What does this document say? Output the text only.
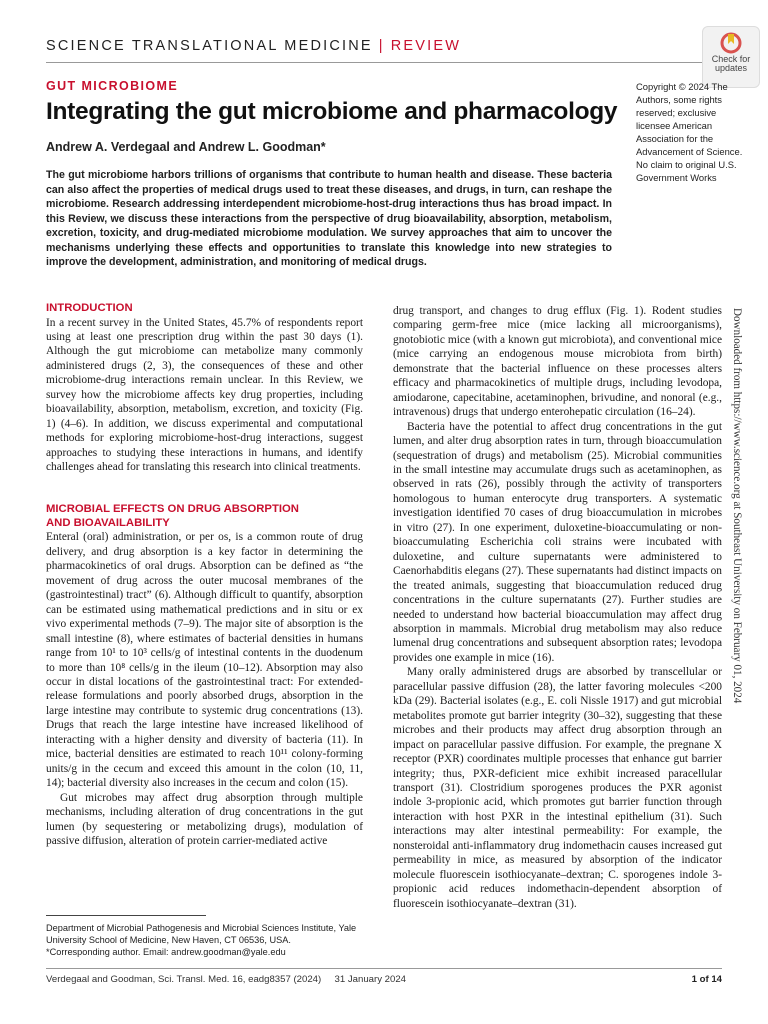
SCIENCE TRANSLATIONAL MEDICINE | REVIEW
Check for
updates
GUT MICROBIOME
Integrating the gut microbiome and pharmacology
Andrew A. Verdegaal and Andrew L. Goodman*
Copyright © 2024 The Authors, some rights reserved; exclusive licensee American Association for the Advancement of Science. No claim to original U.S. Government Works

The gut microbiome harbors trillions of organisms that contribute to human health and disease. These bacteria can also affect the properties of medical drugs used to treat these diseases, and drugs, in turn, can reshape the microbiome. Research addressing interdependent microbiome-host-drug interactions thus has broad impact. In this Review, we discuss these interactions from the perspective of drug bioavailability, absorption, metabolism, excretion, toxicity, and drug-mediated microbiome modulation. We survey approaches that aim to uncover the mechanisms underlying these effects and opportunities to translate this knowledge into new strategies to improve the development, administration, and monitoring of medical drugs.

INTRODUCTION

In a recent survey in the United States, 45.7% of respondents report using at least one prescription drug within the past 30 days (1). Although the gut microbiome can metabolize many commonly administered drugs (2, 3), the consequences of these and other microbiome-drug interactions remain unclear. In this Review, we survey how the microbiome affects key drug properties, including bioavailability, absorption, metabolism, excretion, and toxicity (Fig. 1) (4–6). In addition, we discuss experimental and computational methods for exploring microbiome-host-drug interactions, suggest approaches to studying these interactions in humans, and identify challenges ahead for translating this research into clinical treatments.

MICROBIAL EFFECTS ON DRUG ABSORPTION
AND BIOAVAILABILITY

Enteral (oral) administration, or per os, is a common route of drug delivery, and drug absorption is a key factor in determining the pharmacokinetics of oral drugs. Absorption can be defined as “the movement of drug across the outer mucosal membranes of the (gastrointestinal) tract” (6). Although difficult to quantify, absorption can be estimated using mathematical predictions and in situ or ex vivo experimental methods (7–9). The major site of absorption is the small intestine (8), where estimates of bacterial densities in humans range from 10¹ to 10³ cells/g of intestinal contents in the duodenum to more than 10⁸ cells/g in the ileum (10–12). Absorption may also occur in distal locations of the gastrointestinal tract: For extended-release formulations and poorly absorbed drugs, absorption in the large intestine may contribute to systemic drug concentrations (13). Drugs that reach the large intestine have increased likelihood of interacting with a higher density and diversity of bacteria (11). In mice, bacterial densities are estimated to reach 10¹¹ colony-forming units/g in the cecum and exceed this amount in the colon (10, 11, 14); bacterial diversity also increases in the cecum and colon (15).

Gut microbes may affect drug absorption through multiple mechanisms, including alteration of drug concentrations in the gut lumen (by sequestering or metabolizing drugs), modulation of passive diffusion, alteration of protein carrier-mediated active

drug transport, and changes to drug efflux (Fig. 1). Rodent studies comparing germ-free mice (mice lacking all microorganisms), gnotobiotic mice (with a known gut microbiota), and conventional mice (mice carrying an endogenous mouse microbiota from birth) demonstrate that the bacterial influence on these processes alters efficacy and pharmacokinetics of multiple drugs, including levodopa, amiodarone, capecitabine, acetaminophen, brivudine, and nonoral (e.g., intravenous) drugs that undergo enterohepatic circulation (16–24).

Bacteria have the potential to affect drug concentrations in the gut lumen, and alter drug absorption rates in turn, through bioaccumulation (sequestration of drugs) and metabolism (25). Microbial communities in the small intestine may accumulate drugs such as acetaminophen, as observed in rats (26), possibly through the activity of transporters homologous to human enterocyte drug transporters. A systematic investigation identified 70 cases of drug bioaccumulation in microbes in vitro (27). In one experiment, duloxetine-bioaccumulating or non-bioaccumulating Escherichia coli strains were incubated with duloxetine, and culture supernatants were administered to Caenorhabditis elegans (27). These supernatants had distinct impacts on the treated animals, suggesting that bioaccumulation reduced drug concentrations in the culture supernatants (27). Further studies are needed to understand how bacterial bioaccumulation may affect drug absorption in mammals. Microbial drug metabolism may also reduce lumenal drug concentrations and subsequent absorption rates; levodopa provides one example in mice (16).

Many orally administered drugs are absorbed by transcellular or paracellular passive diffusion (28), the latter favoring molecules <200 kDa (29). Bacterial isolates (e.g., E. coli Nissle 1917) and gut microbial metabolites promote gut barrier integrity (30–32), suggesting that these microbes and their products may affect drug absorption through an impact on paracellular passive diffusion. For example, the pregnane X receptor (PXR) coordinates multiple processes that enhance gut barrier integrity; thus, PXR-deficient mice exhibit increased paracellular transport (31). Clostridium sporogenes produces the PXR agonist indole 3-propionic acid, which promotes gut barrier function through interaction with host PXR in the intestinal epithelium (31). Such interactions may alter intestinal permeability: For example, the nonsteroidal anti-inflammatory drug indomethacin causes increased gut permeability in mice, as measured by absorption of the indicator molecule fluorescein isothiocyanate–dextran; C. sporogenes indole 3-propionic acid reduces indomethacin-dependent absorption of fluorescein isothiocyanate–dextran (31).

Downloaded from https://www.science.org at Southeast University on February 01, 2024

Department of Microbial Pathogenesis and Microbial Sciences Institute, Yale University School of Medicine, New Haven, CT 06536, USA.

*Corresponding author. Email: andrew.goodman@yale.edu

Verdegaal and Goodman, Sci. Transl. Med. 16, eadg8357 (2024)     31 January 2024	1 of 14
